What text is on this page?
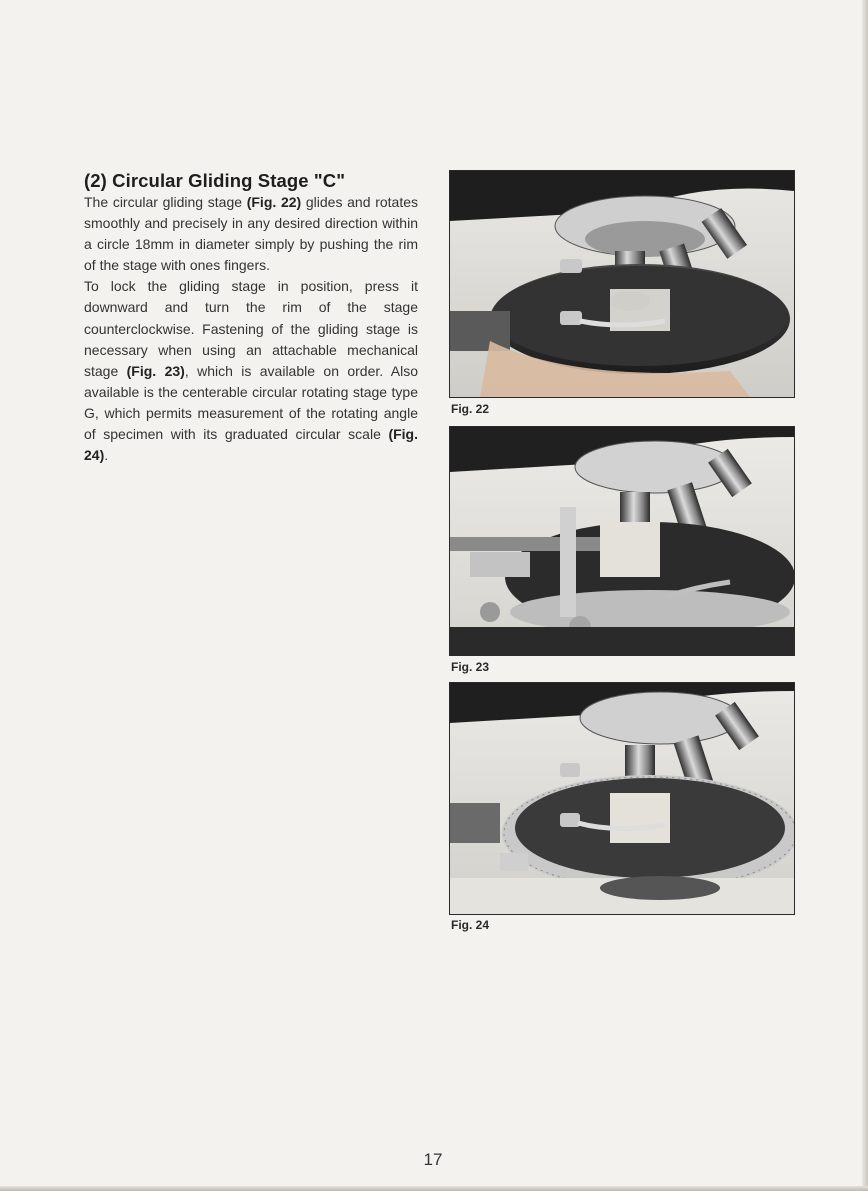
(2) Circular Gliding Stage "C"

The circular gliding stage (Fig. 22) glides and rotates smoothly and precisely in any desired direction within a circle 18mm in diameter simply by pushing the rim of the stage with ones fingers.

To lock the gliding stage in position, press it downward and turn the rim of the stage counterclockwise. Fastening of the gliding stage is necessary when using an attachable mechanical stage (Fig. 23), which is available on order. Also available is the centerable circular rotating stage type G, which permits measurement of the rotating angle of specimen with its graduated circular scale (Fig. 24).

Fig. 22

Fig. 23

Fig. 24

17
